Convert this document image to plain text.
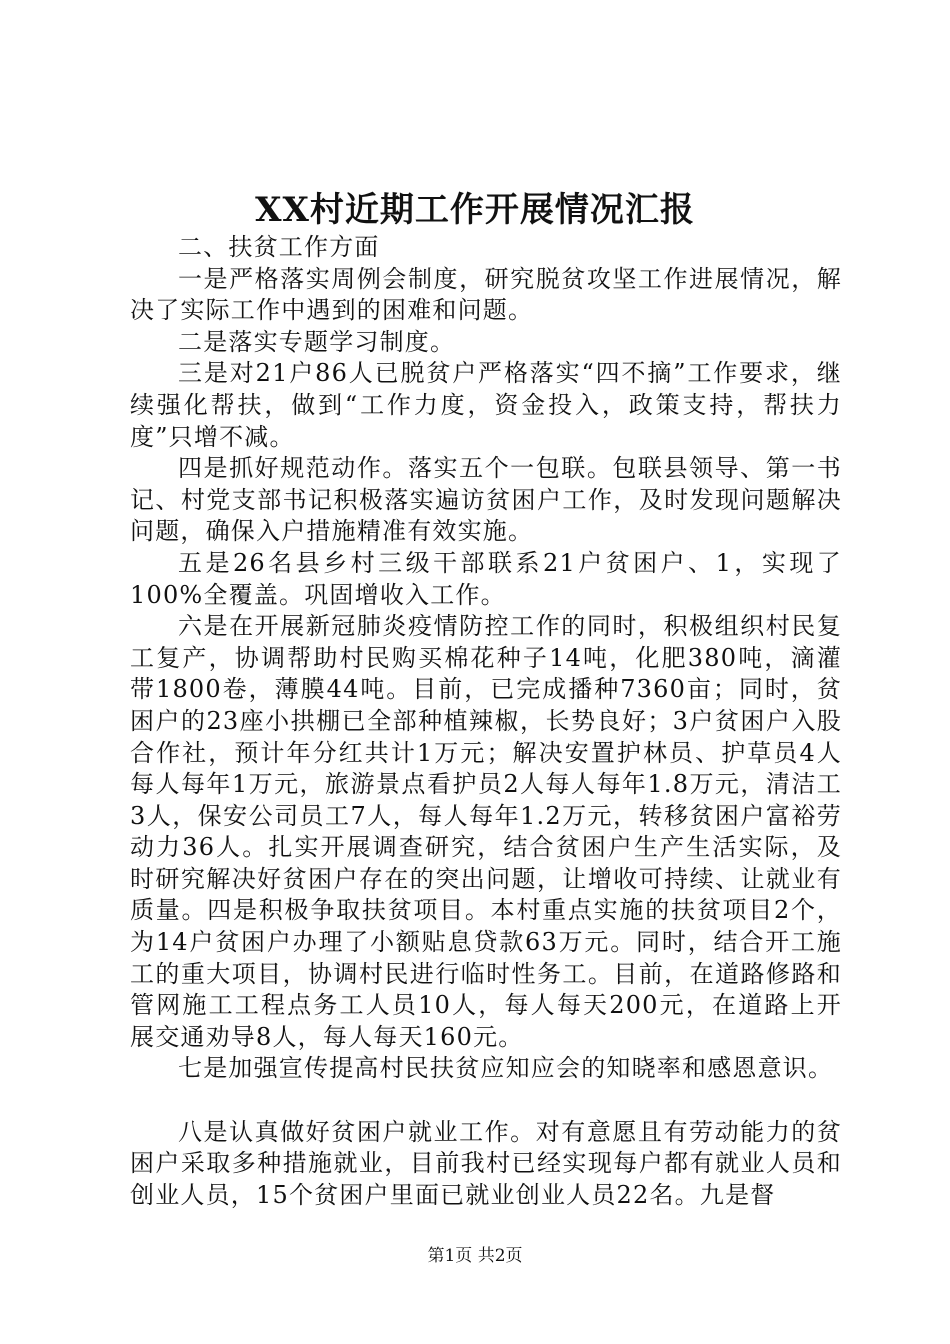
XX村近期工作开展情况汇报

二、扶贫工作方面

一是严格落实周例会制度，研究脱贫攻坚工作进展情况，解决了实际工作中遇到的困难和问题。

二是落实专题学习制度。

三是对21户86人已脱贫户严格落实“四不摘”工作要求，继续强化帮扶，做到“工作力度，资金投入，政策支持，帮扶力度”只增不减。

四是抓好规范动作。落实五个一包联。包联县领导、第一书记、村党支部书记积极落实遍访贫困户工作，及时发现问题解决问题，确保入户措施精准有效实施。

五是26名县乡村三级干部联系21户贫困户、1，实现了100%全覆盖。巩固增收入工作。

六是在开展新冠肺炎疫情防控工作的同时，积极组织村民复工复产，协调帮助村民购买棉花种子14吨，化肥380吨，滴灌带1800卷，薄膜44吨。目前，已完成播种7360亩；同时，贫困户的23座小拱棚已全部种植辣椒，长势良好；3户贫困户入股合作社，预计年分红共计1万元；解决安置护林员、护草员4人每人每年1万元，旅游景点看护员2人每人每年1.8万元，清洁工3人，保安公司员工7人，每人每年1.2万元，转移贫困户富裕劳动力36人。扎实开展调查研究，结合贫困户生产生活实际，及时研究解决好贫困户存在的突出问题，让增收可持续、让就业有质量。四是积极争取扶贫项目。本村重点实施的扶贫项目2个，为14户贫困户办理了小额贴息贷款63万元。同时，结合开工施工的重大项目，协调村民进行临时性务工。目前，在道路修路和管网施工工程点务工人员10人，每人每天200元，在道路上开展交通劝导8人，每人每天160元。

七是加强宣传提高村民扶贫应知应会的知晓率和感恩意识。

八是认真做好贫困户就业工作。对有意愿且有劳动能力的贫困户采取多种措施就业，目前我村已经实现每户都有就业人员和创业人员，15个贫困户里面已就业创业人员22名。九是督

第1页 共2页
